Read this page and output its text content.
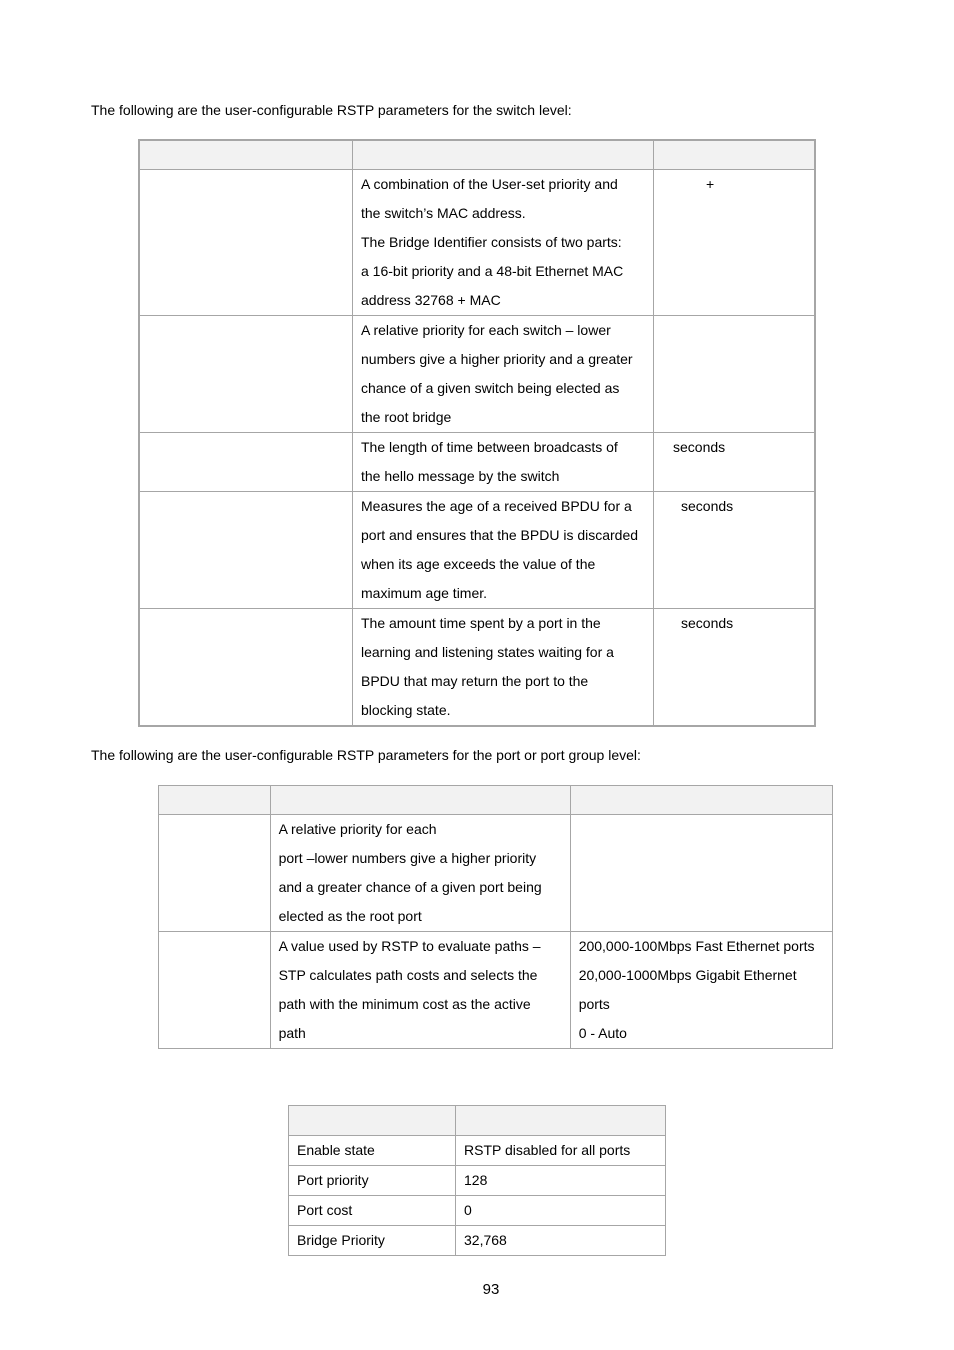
The following are the user-configurable RSTP parameters for the switch level:

	A combination of the User-set priority and
the switch’s MAC address.
The Bridge Identifier consists of two parts:
a 16-bit priority and a 48-bit Ethernet MAC
address 32768 + MAC	+

	A relative priority for each switch – lower
numbers give a higher priority and a greater
chance of a given switch being elected as
the root bridge	

	The length of time between broadcasts of
the hello message by the switch	seconds

	Measures the age of a received BPDU for a
port and ensures that the BPDU is discarded
when its age exceeds the value of the
maximum age timer.	seconds

	The amount time spent by a port in the
learning and listening states waiting for a
BPDU that may return the port to the
blocking state.	seconds

The following are the user-configurable RSTP parameters for the port or port group level:

	A relative priority for each
port –lower numbers give a higher priority
and a greater chance of a given port being
elected as the root port	

	A value used by RSTP to evaluate paths –
STP calculates path costs and selects the
path with the minimum cost as the active
path	200,000-100Mbps Fast Ethernet ports
20,000-1000Mbps Gigabit Ethernet
ports
0 - Auto

Enable state	RSTP disabled for all ports
Port priority	128
Port cost	0
Bridge Priority	32,768
93
